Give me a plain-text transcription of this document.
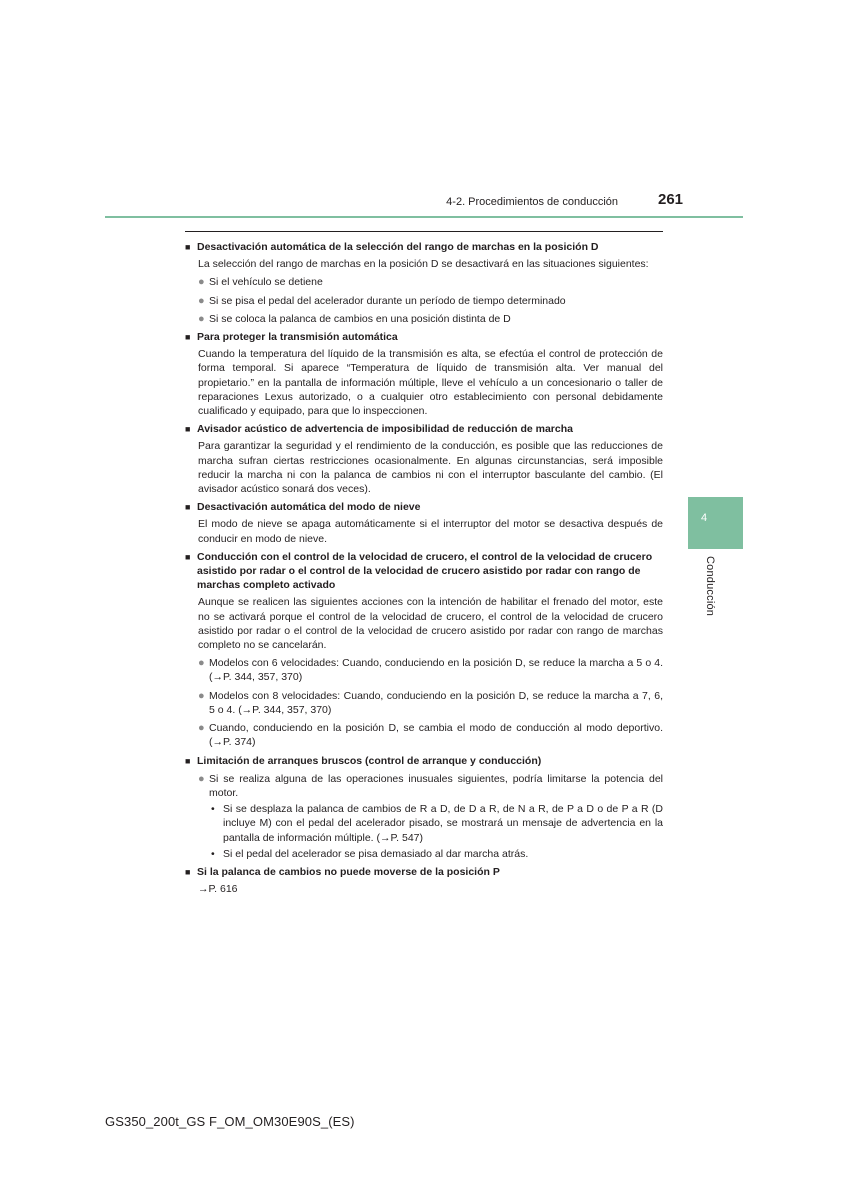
4-2. Procedimientos de conducción	261
4
Conducción
■ Desactivación automática de la selección del rango de marchas en la posición D
La selección del rango de marchas en la posición D se desactivará en las situaciones siguientes:
● Si el vehículo se detiene
● Si se pisa el pedal del acelerador durante un período de tiempo determinado
● Si se coloca la palanca de cambios en una posición distinta de D
■ Para proteger la transmisión automática
Cuando la temperatura del líquido de la transmisión es alta, se efectúa el control de protección de forma temporal. Si aparece “Temperatura de líquido de transmisión alta. Ver manual del propietario.” en la pantalla de información múltiple, lleve el vehículo a un concesionario o taller de reparaciones Lexus autorizado, o a cualquier otro establecimiento con personal debidamente cualificado y equipado, para que lo inspeccionen.
■ Avisador acústico de advertencia de imposibilidad de reducción de marcha
Para garantizar la seguridad y el rendimiento de la conducción, es posible que las reducciones de marcha sufran ciertas restricciones ocasionalmente. En algunas circunstancias, será imposible reducir la marcha ni con la palanca de cambios ni con el interruptor basculante del cambio. (El avisador acústico sonará dos veces).
■ Desactivación automática del modo de nieve
El modo de nieve se apaga automáticamente si el interruptor del motor se desactiva después de conducir en modo de nieve.
■ Conducción con el control de la velocidad de crucero, el control de la velocidad de crucero asistido por radar o el control de la velocidad de crucero asistido por radar con rango de marchas completo activado
Aunque se realicen las siguientes acciones con la intención de habilitar el frenado del motor, este no se activará porque el control de la velocidad de crucero, el control de la velocidad de crucero asistido por radar o el control de la velocidad de crucero asistido por radar con rango de marchas completo no se cancelarán.
● Modelos con 6 velocidades: Cuando, conduciendo en la posición D, se reduce la marcha a 5 o 4. (→P. 344, 357, 370)
● Modelos con 8 velocidades: Cuando, conduciendo en la posición D, se reduce la marcha a 7, 6, 5 o 4. (→P. 344, 357, 370)
● Cuando, conduciendo en la posición D, se cambia el modo de conducción al modo deportivo. (→P. 374)
■ Limitación de arranques bruscos (control de arranque y conducción)
● Si se realiza alguna de las operaciones inusuales siguientes, podría limitarse la potencia del motor.
• Si se desplaza la palanca de cambios de R a D, de D a R, de N a R, de P a D o de P a R (D incluye M) con el pedal del acelerador pisado, se mostrará un mensaje de advertencia en la pantalla de información múltiple. (→P. 547)
• Si el pedal del acelerador se pisa demasiado al dar marcha atrás.
■ Si la palanca de cambios no puede moverse de la posición P
→P. 616
GS350_200t_GS F_OM_OM30E90S_(ES)
